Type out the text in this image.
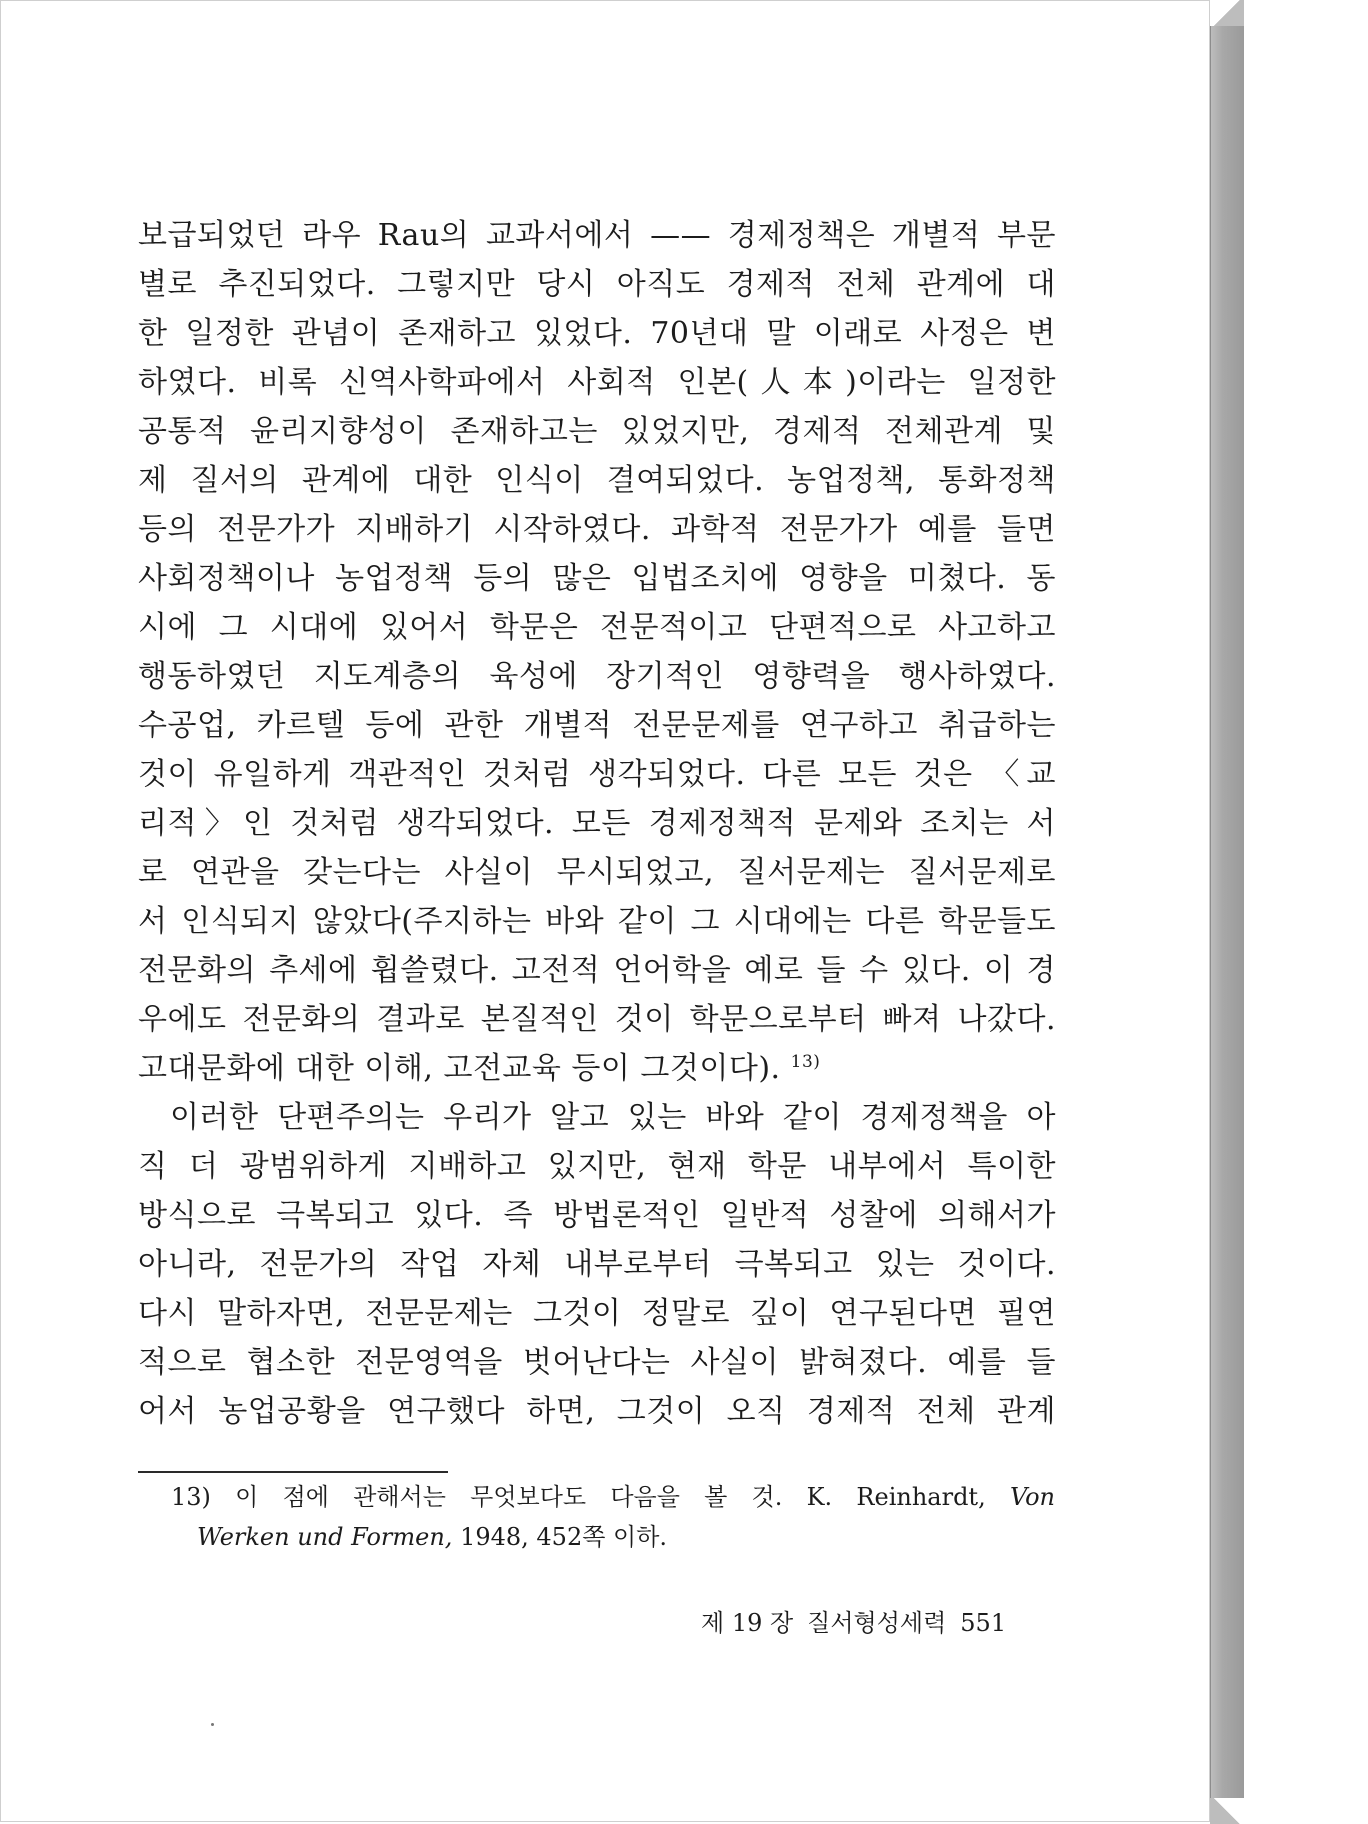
보급되었던 라우 Rau의 교과서에서 —— 경제정책은 개별적 부문
별로 추진되었다. 그렇지만 당시 아직도 경제적 전체 관계에 대
한 일정한 관념이 존재하고 있었다. 70년대 말 이래로 사정은 변
하였다. 비록 신역사학파에서 사회적 인본(人本)이라는 일정한
공통적 윤리지향성이 존재하고는 있었지만, 경제적 전체관계 및
제 질서의 관계에 대한 인식이 결여되었다. 농업정책, 통화정책
등의 전문가가 지배하기 시작하였다. 과학적 전문가가 예를 들면
사회정책이나 농업정책 등의 많은 입법조치에 영향을 미쳤다. 동
시에 그 시대에 있어서 학문은 전문적이고 단편적으로 사고하고
행동하였던 지도계층의 육성에 장기적인 영향력을 행사하였다.
수공업, 카르텔 등에 관한 개별적 전문문제를 연구하고 취급하는
것이 유일하게 객관적인 것처럼 생각되었다. 다른 모든 것은 〈교
리적〉인 것처럼 생각되었다. 모든 경제정책적 문제와 조치는 서
로 연관을 갖는다는 사실이 무시되었고, 질서문제는 질서문제로
서 인식되지 않았다(주지하는 바와 같이 그 시대에는 다른 학문들도
전문화의 추세에 휩쓸렸다. 고전적 언어학을 예로 들 수 있다. 이 경
우에도 전문화의 결과로 본질적인 것이 학문으로부터 빠져 나갔다.
고대문화에 대한 이해, 고전교육 등이 그것이다). $^{13)}$
이러한 단편주의는 우리가 알고 있는 바와 같이 경제정책을 아
직 더 광범위하게 지배하고 있지만, 현재 학문 내부에서 특이한
방식으로 극복되고 있다. 즉 방법론적인 일반적 성찰에 의해서가
아니라, 전문가의 작업 자체 내부로부터 극복되고 있는 것이다.
다시 말하자면, 전문문제는 그것이 정말로 깊이 연구된다면 필연
적으로 협소한 전문영역을 벗어난다는 사실이 밝혀졌다. 예를 들
어서 농업공황을 연구했다 하면, 그것이 오직 경제적 전체 관계
13) 이 점에 관해서는 무엇보다도 다음을 볼 것. K. Reinhardt, Von
Werken und Formen, 1948, 452쪽 이하.
제 19 장 질서형성세력 551
